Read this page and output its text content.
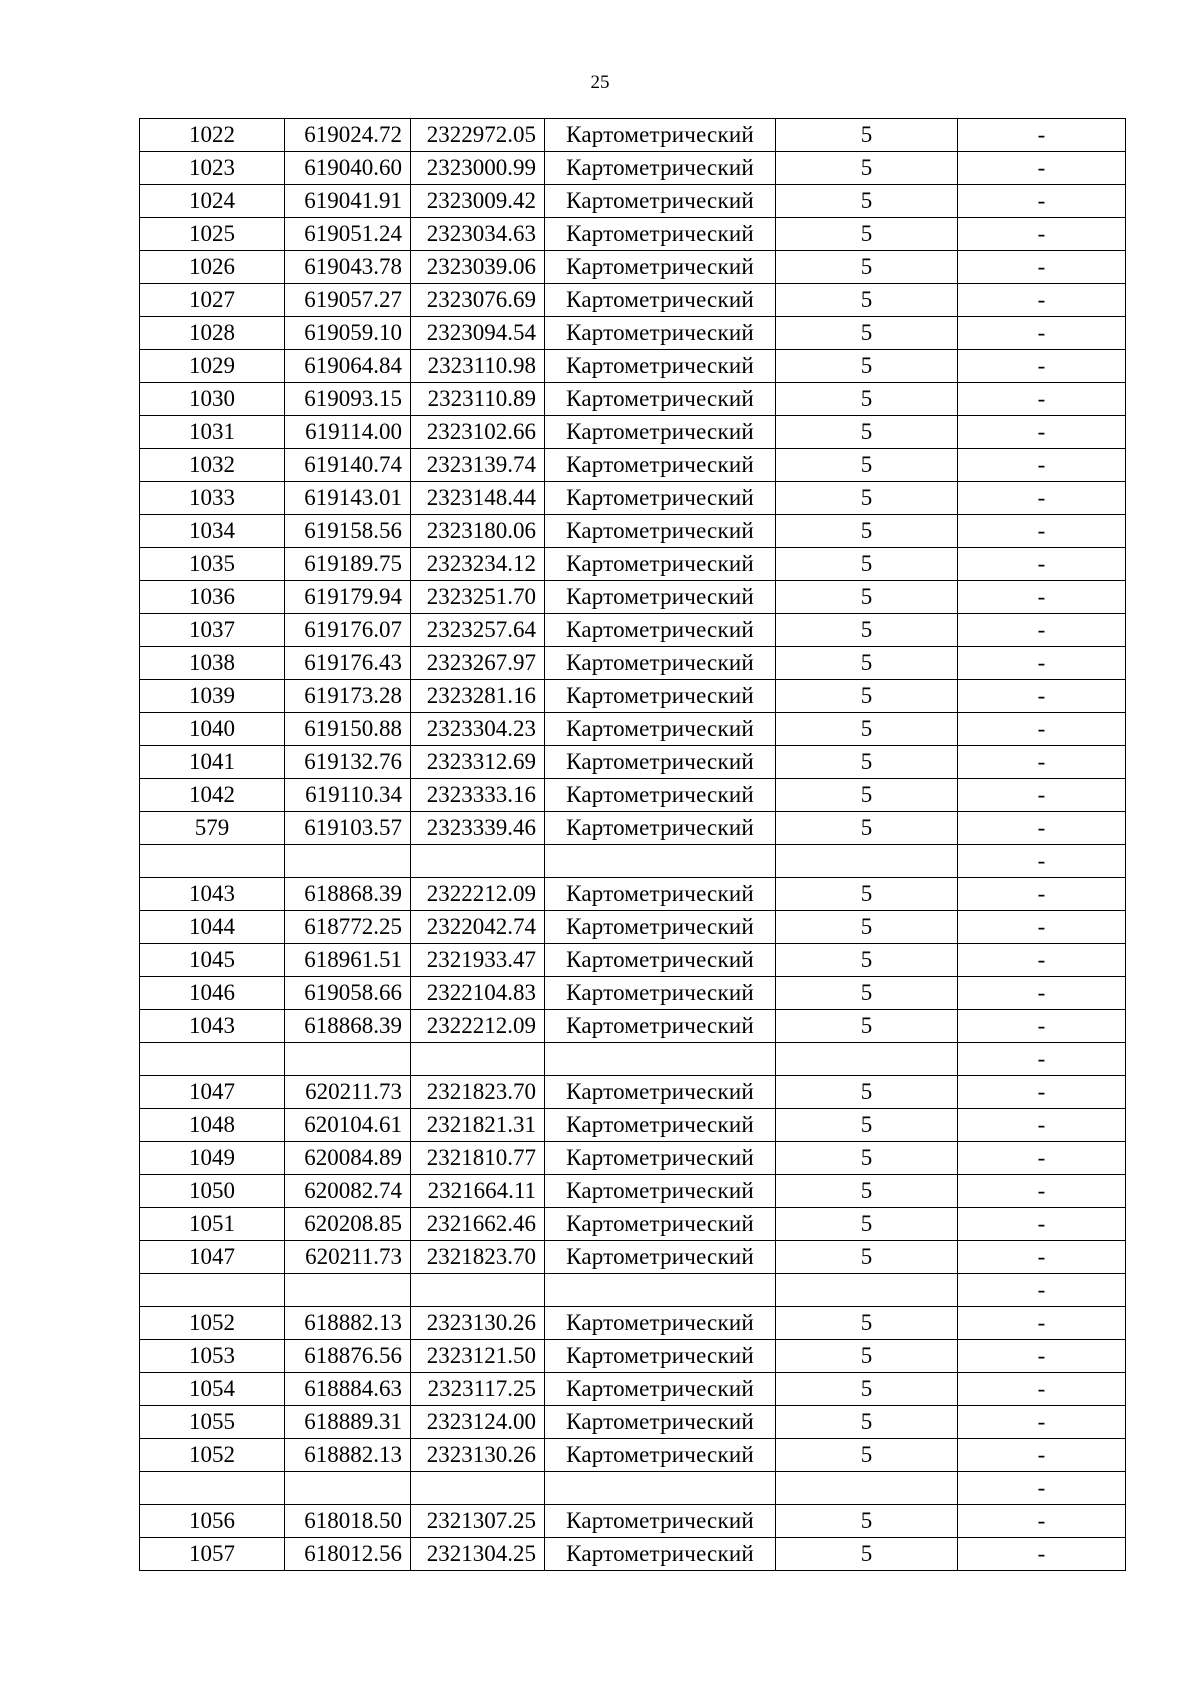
25
1022	619024.72	2322972.05	Картометрический	5	-
1023	619040.60	2323000.99	Картометрический	5	-
1024	619041.91	2323009.42	Картометрический	5	-
1025	619051.24	2323034.63	Картометрический	5	-
1026	619043.78	2323039.06	Картометрический	5	-
1027	619057.27	2323076.69	Картометрический	5	-
1028	619059.10	2323094.54	Картометрический	5	-
1029	619064.84	2323110.98	Картометрический	5	-
1030	619093.15	2323110.89	Картометрический	5	-
1031	619114.00	2323102.66	Картометрический	5	-
1032	619140.74	2323139.74	Картометрический	5	-
1033	619143.01	2323148.44	Картометрический	5	-
1034	619158.56	2323180.06	Картометрический	5	-
1035	619189.75	2323234.12	Картометрический	5	-
1036	619179.94	2323251.70	Картометрический	5	-
1037	619176.07	2323257.64	Картометрический	5	-
1038	619176.43	2323267.97	Картометрический	5	-
1039	619173.28	2323281.16	Картометрический	5	-
1040	619150.88	2323304.23	Картометрический	5	-
1041	619132.76	2323312.69	Картометрический	5	-
1042	619110.34	2323333.16	Картометрический	5	-
579	619103.57	2323339.46	Картометрический	5	-
					-
1043	618868.39	2322212.09	Картометрический	5	-
1044	618772.25	2322042.74	Картометрический	5	-
1045	618961.51	2321933.47	Картометрический	5	-
1046	619058.66	2322104.83	Картометрический	5	-
1043	618868.39	2322212.09	Картометрический	5	-
					-
1047	620211.73	2321823.70	Картометрический	5	-
1048	620104.61	2321821.31	Картометрический	5	-
1049	620084.89	2321810.77	Картометрический	5	-
1050	620082.74	2321664.11	Картометрический	5	-
1051	620208.85	2321662.46	Картометрический	5	-
1047	620211.73	2321823.70	Картометрический	5	-
					-
1052	618882.13	2323130.26	Картометрический	5	-
1053	618876.56	2323121.50	Картометрический	5	-
1054	618884.63	2323117.25	Картометрический	5	-
1055	618889.31	2323124.00	Картометрический	5	-
1052	618882.13	2323130.26	Картометрический	5	-
					-
1056	618018.50	2321307.25	Картометрический	5	-
1057	618012.56	2321304.25	Картометрический	5	-
